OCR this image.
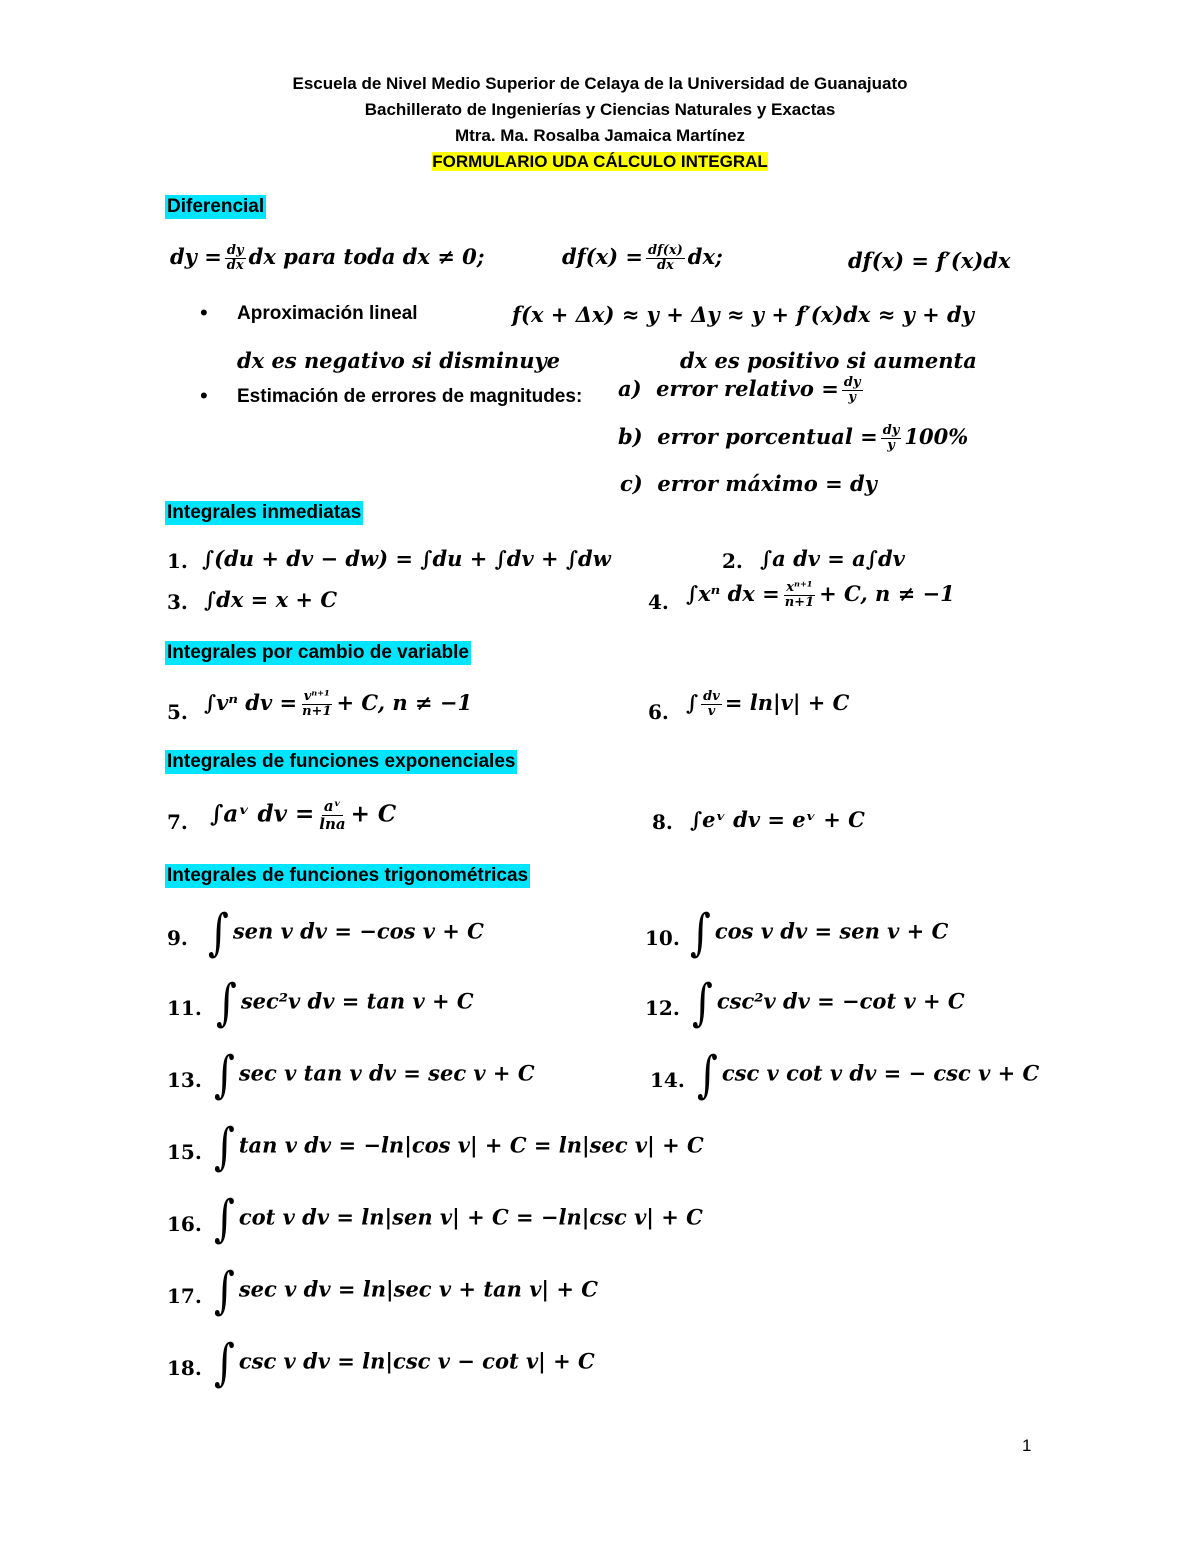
Escuela de Nivel Medio Superior de Celaya de la Universidad de Guanajuato
Bachillerato de Ingenierías y Ciencias Naturales y Exactas
Mtra. Ma. Rosalba Jamaica Martínez
FORMULARIO UDA CÁLCULO INTEGRAL
Diferencial
dy = $\frac{dy}{dx}$ dx para toda dx ≠ 0;	$df(x) = \frac{df(x)}{dx}$ dx;	df(x) = f′(x)dx
• Aproximación lineal	f(x + Δx) ≈ y + Δy ≈ y + f′(x)dx ≈ y + dy
dx es negativo si disminuye	dx es positivo si aumenta
• Estimación de errores de magnitudes: a) error relativo = $\frac{dy}{y}$
b) error porcentual = $\frac{dy}{y} 100\%$
c) error máximo = dy
Integrales inmediatas
1. ∫(du + dv − dw) = ∫du + ∫dv + ∫dw	2. ∫a dv = a∫dv
3. ∫dx = x + C	4. ∫xⁿ dx = $\frac{\text{xⁿ⁺¹}}{n+1} + C$, n ≠ −1
Integrales por cambio de variable
5. ∫vⁿ dv = $\frac{\text{vⁿ⁺¹}}{n+1} + C$, n ≠ −1	6. ∫ $\frac{dv}{v} = \ln|v| + C$
Integrales de funciones exponenciales
7. ∫aᵛ dv = $\frac{\text{aᵛ}}{\ln a} + C$	8. ∫eᵛ dv = eᵛ + C
Integrales de funciones trigonométricas
9. ∫ sen v dv = −cos v + C	10. ∫ cos v dv = sen v + C
11. ∫ sec²v dv = tan v + C	12. ∫ csc²v dv = −cot v + C
13. ∫ sec v tan v dv = sec v + C	14. ∫ csc v cot v dv = − csc v + C
15. ∫ tan v dv = −ln|cos v| + C = ln|sec v| + C
16. ∫ cot v dv = ln|sen v| + C = −ln|csc v| + C
17. ∫ sec v dv = ln|sec v + tan v| + C
18. ∫ csc v dv = ln|csc v − cot v| + C
1
